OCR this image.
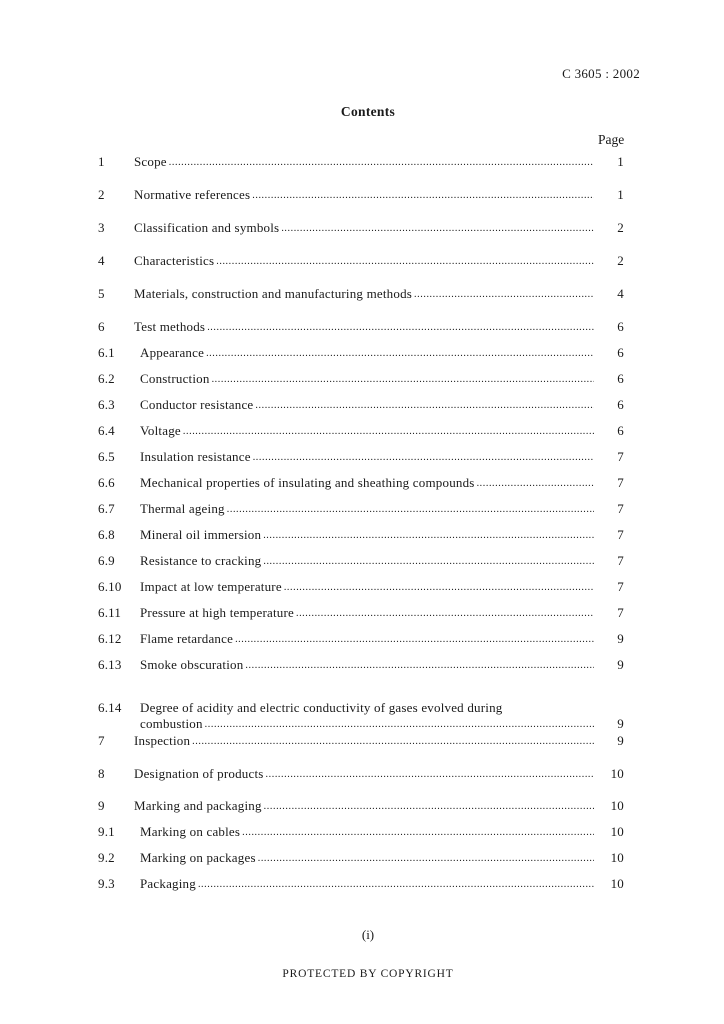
C 3605 : 2002
Contents
Page
1 Scope .....	1
2 Normative references .....	1
3 Classification and symbols .....	2
4 Characteristics .....	2
5 Materials, construction and manufacturing methods .....	4
6 Test methods .....	6
6.1 Appearance .....	6
6.2 Construction .....	6
6.3 Conductor resistance .....	6
6.4 Voltage .....	6
6.5 Insulation resistance .....	7
6.6 Mechanical properties of insulating and sheathing compounds .....	7
6.7 Thermal ageing .....	7
6.8 Mineral oil immersion .....	7
6.9 Resistance to cracking .....	7
6.10 Impact at low temperature .....	7
6.11 Pressure at high temperature .....	7
6.12 Flame retardance .....	9
6.13 Smoke obscuration .....	9
6.14 Degree of acidity and electric conductivity of gases evolved during
combustion .....	9
7 Inspection .....	9
8 Designation of products .....	10
9 Marking and packaging .....	10
9.1 Marking on cables .....	10
9.2 Marking on packages .....	10
9.3 Packaging .....	10
(i)
PROTECTED BY COPYRIGHT
